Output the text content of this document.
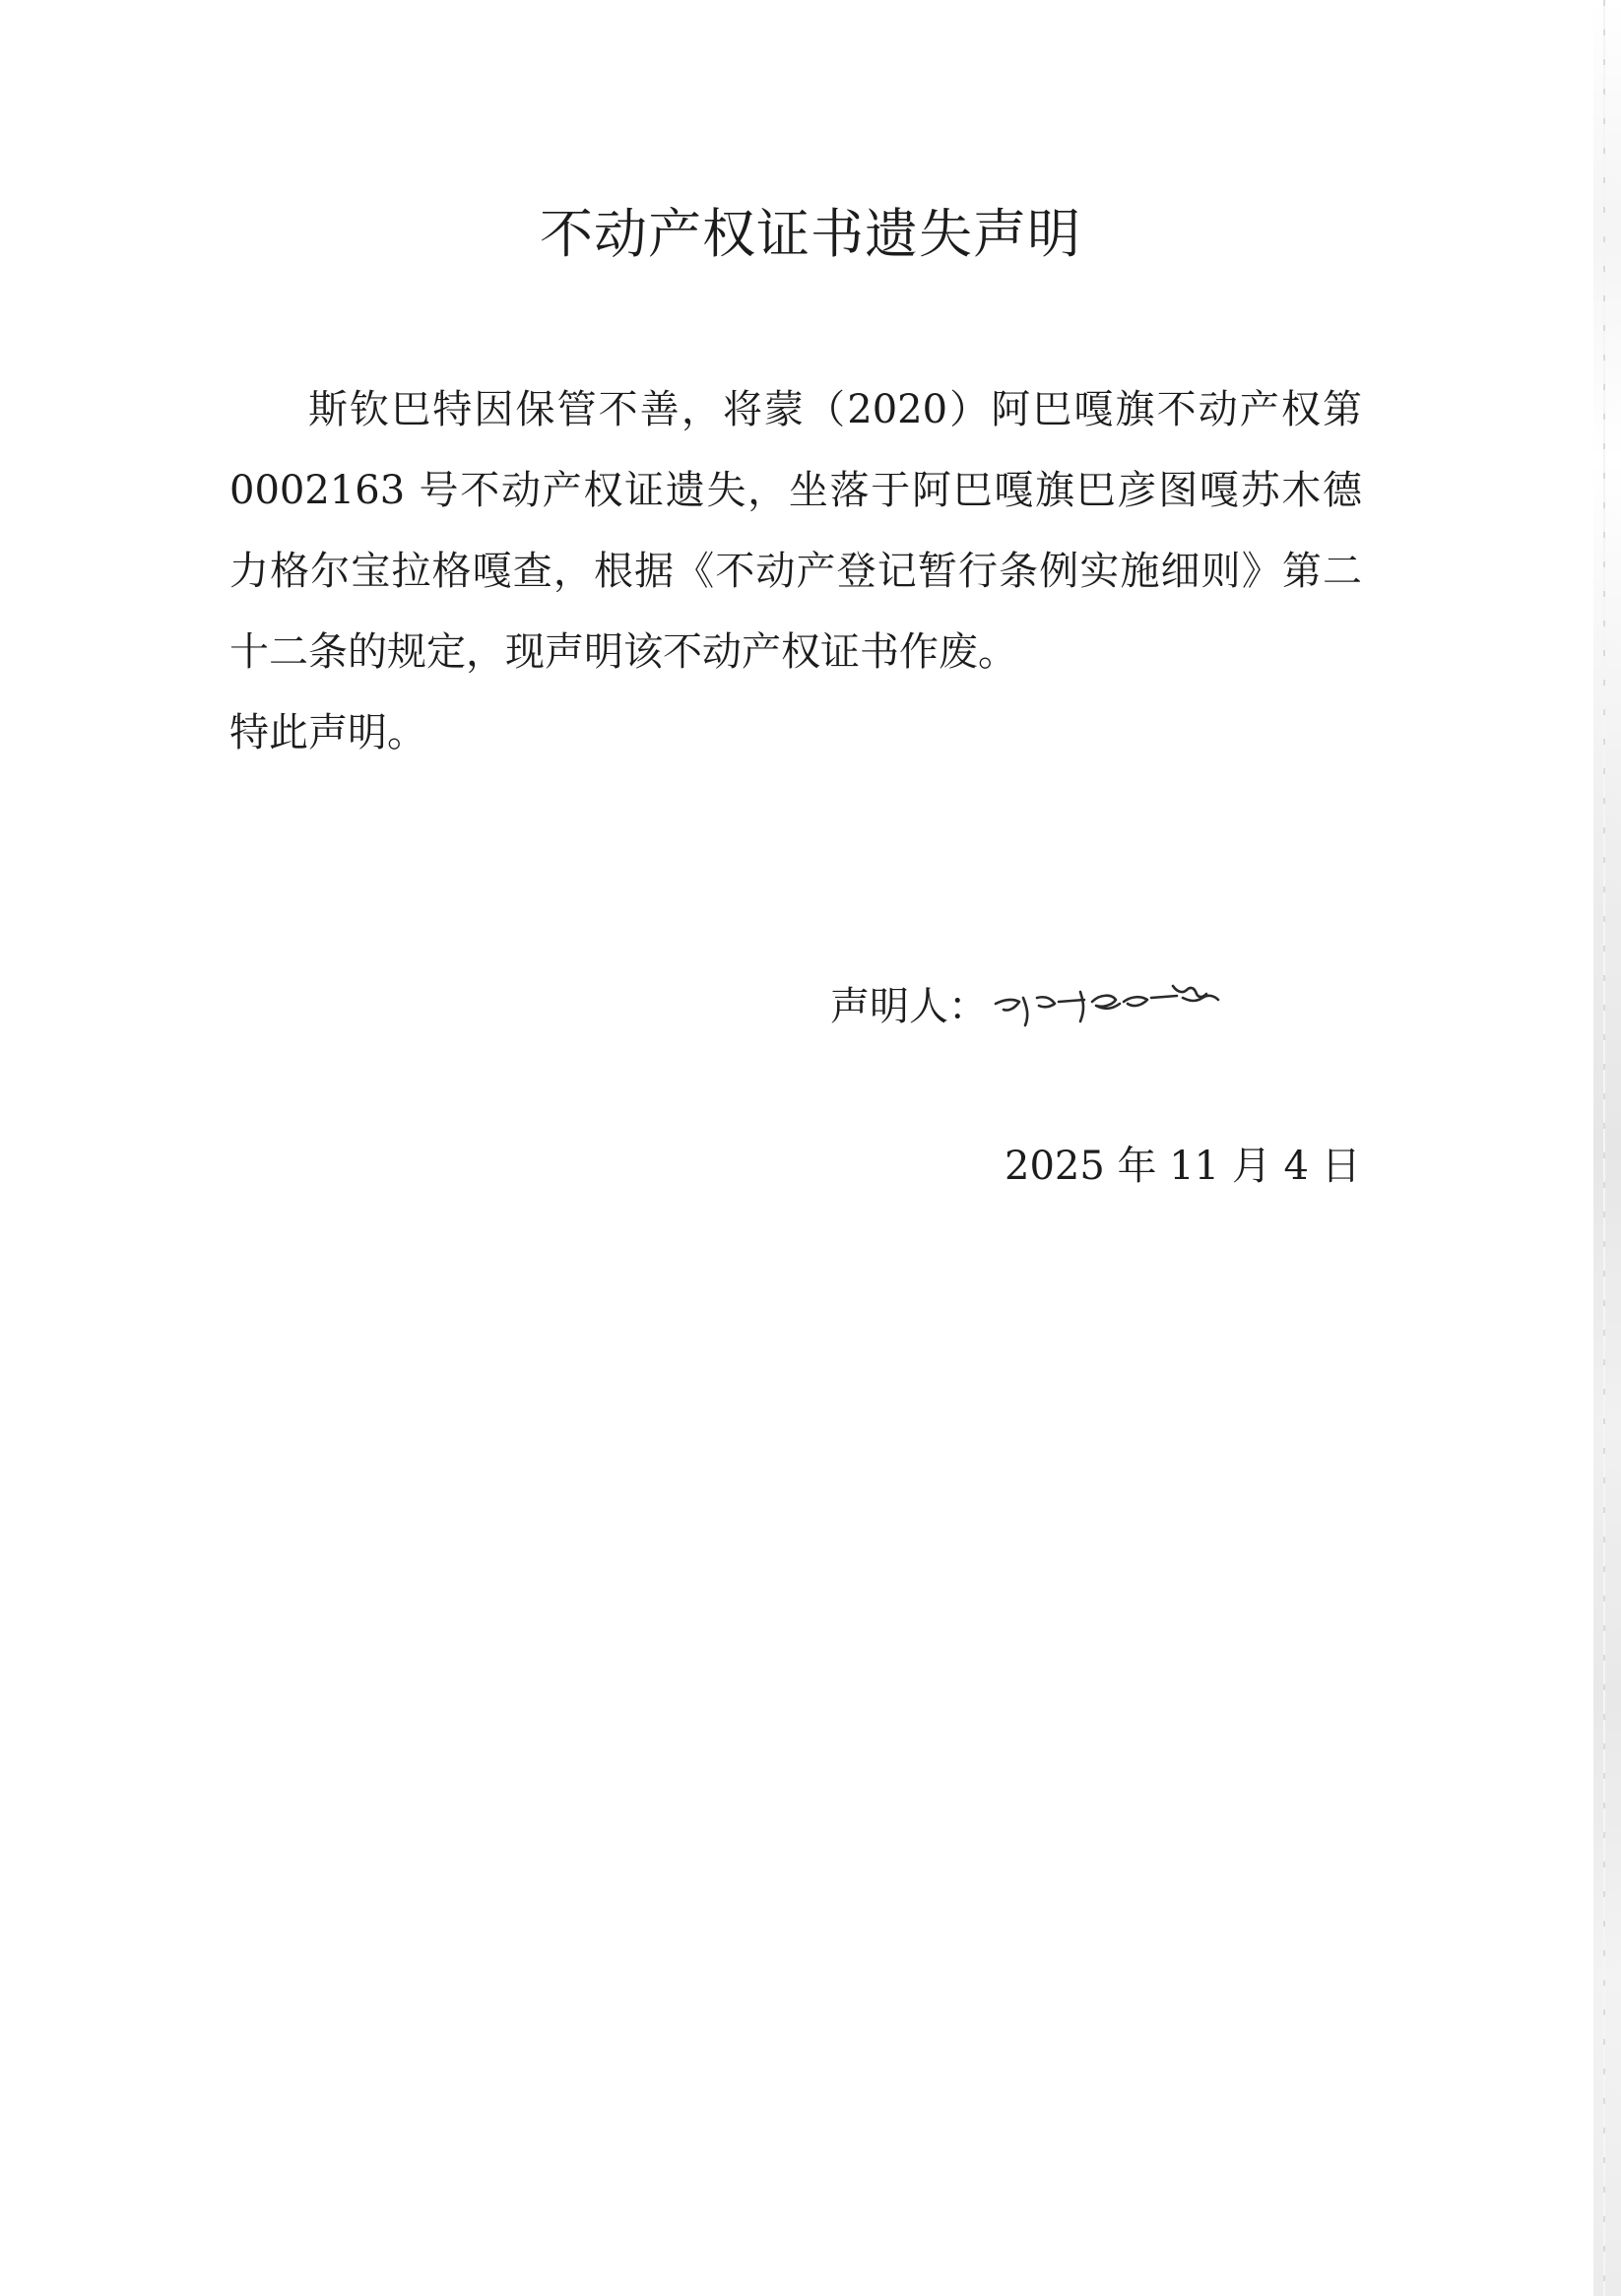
不动产权证书遗失声明

斯钦巴特因保管不善，将蒙（2020）阿巴嘎旗不动产权第 0002163 号不动产权证遗失，坐落于阿巴嘎旗巴彦图嘎苏木德力格尔宝拉格嘎查，根据《不动产登记暂行条例实施细则》第二十二条的规定，现声明该不动产权证书作废。

特此声明。

声明人：
2025 年 11 月 4 日
